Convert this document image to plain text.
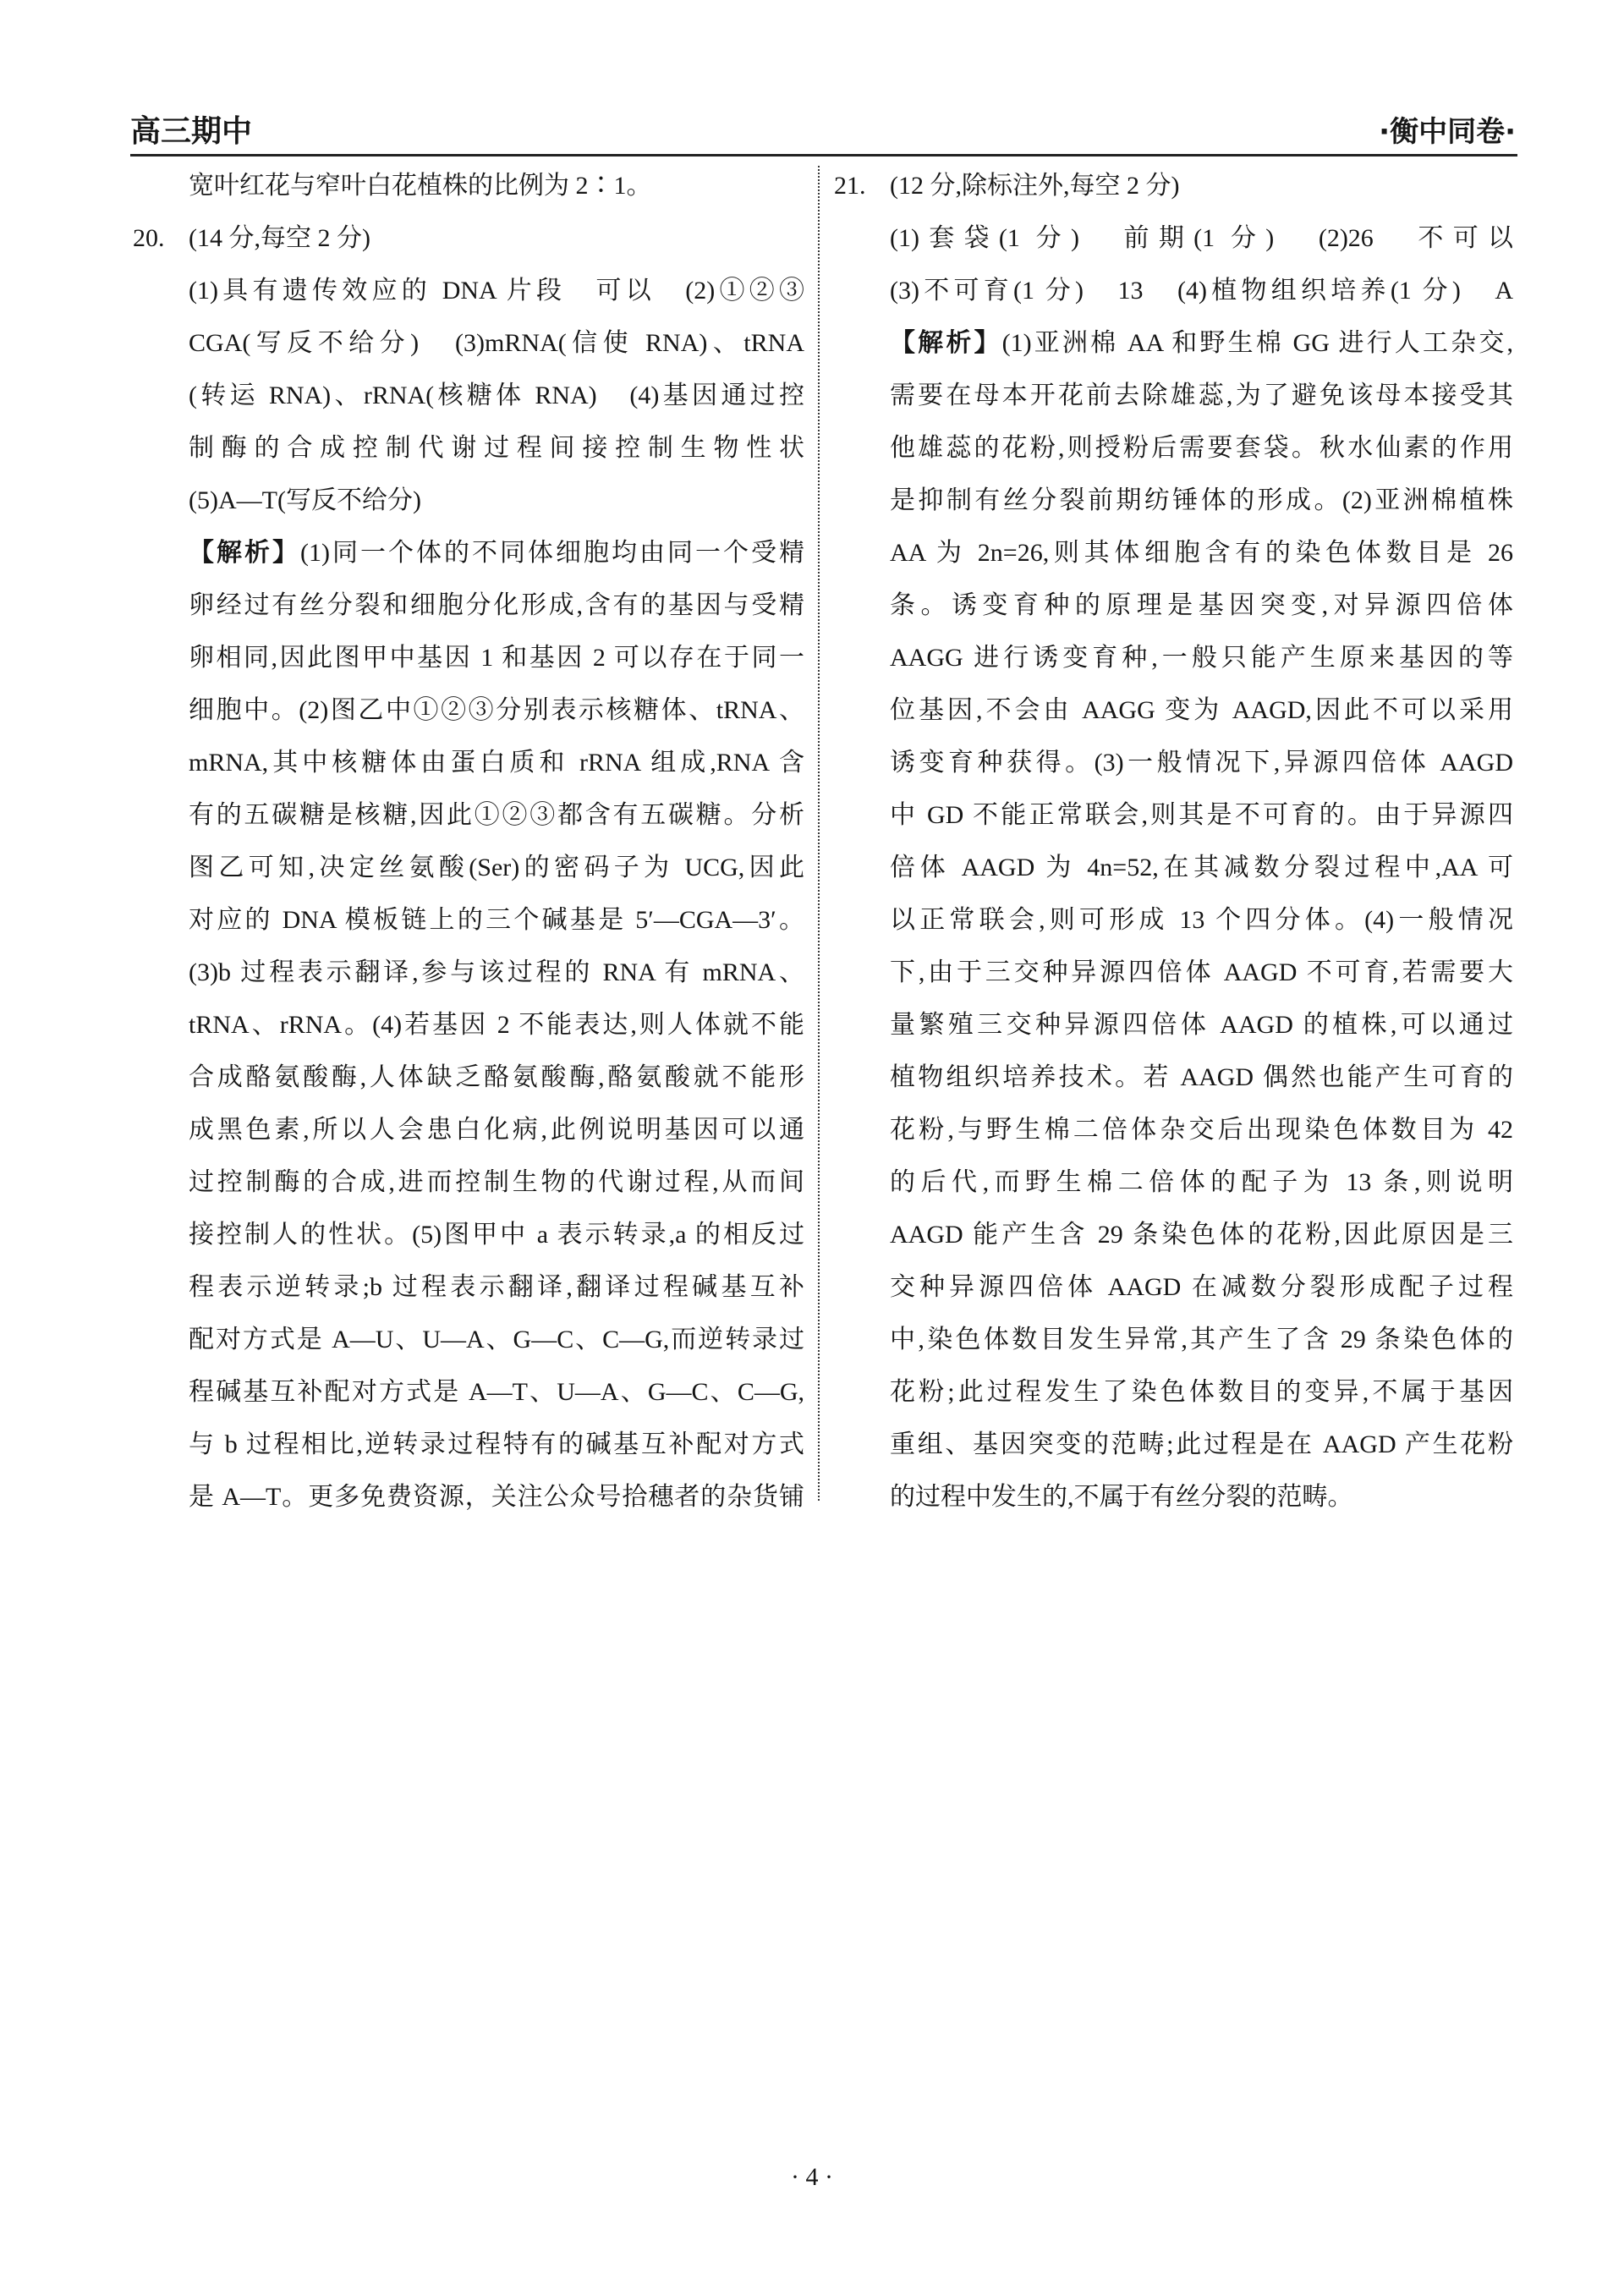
高三期中	·衡中同卷·
宽叶红花与窄叶白花植株的比例为 2∶1。
20. (14 分,每空 2 分)
(1)具有遗传效应的 DNA 片段　可以　(2)①②③
CGA(写反不给分)　(3)mRNA(信使 RNA)、tRNA
(转运 RNA)、rRNA(核糖体 RNA)　(4)基因通过控
制酶的合成控制代谢过程间接控制生物性状
(5)A—T(写反不给分)
【解析】(1)同一个体的不同体细胞均由同一个受精
卵经过有丝分裂和细胞分化形成,含有的基因与受精
卵相同,因此图甲中基因 1 和基因 2 可以存在于同一
细胞中。(2)图乙中①②③分别表示核糖体、tRNA、
mRNA,其中核糖体由蛋白质和 rRNA 组成,RNA 含
有的五碳糖是核糖,因此①②③都含有五碳糖。分析
图乙可知,决定丝氨酸(Ser)的密码子为 UCG,因此
对应的 DNA 模板链上的三个碱基是 5′—CGA—3′。
(3)b 过程表示翻译,参与该过程的 RNA 有 mRNA、
tRNA、rRNA。(4)若基因 2 不能表达,则人体就不能
合成酪氨酸酶,人体缺乏酪氨酸酶,酪氨酸就不能形
成黑色素,所以人会患白化病,此例说明基因可以通
过控制酶的合成,进而控制生物的代谢过程,从而间
接控制人的性状。(5)图甲中 a 表示转录,a 的相反过
程表示逆转录;b 过程表示翻译,翻译过程碱基互补
配对方式是 A—U、U—A、G—C、C—G,而逆转录过
程碱基互补配对方式是 A—T、U—A、G—C、C—G,
与 b 过程相比,逆转录过程特有的碱基互补配对方式
是 A—T。更多免费资源，关注公众号拾穗者的杂货铺
21. (12 分,除标注外,每空 2 分)
(1)套袋(1 分)　前期(1 分)　(2)26　不可以
(3)不可育(1 分)　13　(4)植物组织培养(1 分)　A
【解析】(1)亚洲棉 AA 和野生棉 GG 进行人工杂交,
需要在母本开花前去除雄蕊,为了避免该母本接受其
他雄蕊的花粉,则授粉后需要套袋。秋水仙素的作用
是抑制有丝分裂前期纺锤体的形成。(2)亚洲棉植株
AA 为 2n=26,则其体细胞含有的染色体数目是 26
条。诱变育种的原理是基因突变,对异源四倍体
AAGG 进行诱变育种,一般只能产生原来基因的等
位基因,不会由 AAGG 变为 AAGD,因此不可以采用
诱变育种获得。(3)一般情况下,异源四倍体 AAGD
中 GD 不能正常联会,则其是不可育的。由于异源四
倍体 AAGD 为 4n=52,在其减数分裂过程中,AA 可
以正常联会,则可形成 13 个四分体。(4)一般情况
下,由于三交种异源四倍体 AAGD 不可育,若需要大
量繁殖三交种异源四倍体 AAGD 的植株,可以通过
植物组织培养技术。若 AAGD 偶然也能产生可育的
花粉,与野生棉二倍体杂交后出现染色体数目为 42
的后代,而野生棉二倍体的配子为 13 条,则说明
AAGD 能产生含 29 条染色体的花粉,因此原因是三
交种异源四倍体 AAGD 在减数分裂形成配子过程
中,染色体数目发生异常,其产生了含 29 条染色体的
花粉;此过程发生了染色体数目的变异,不属于基因
重组、基因突变的范畴;此过程是在 AAGD 产生花粉
的过程中发生的,不属于有丝分裂的范畴。
· 4 ·
